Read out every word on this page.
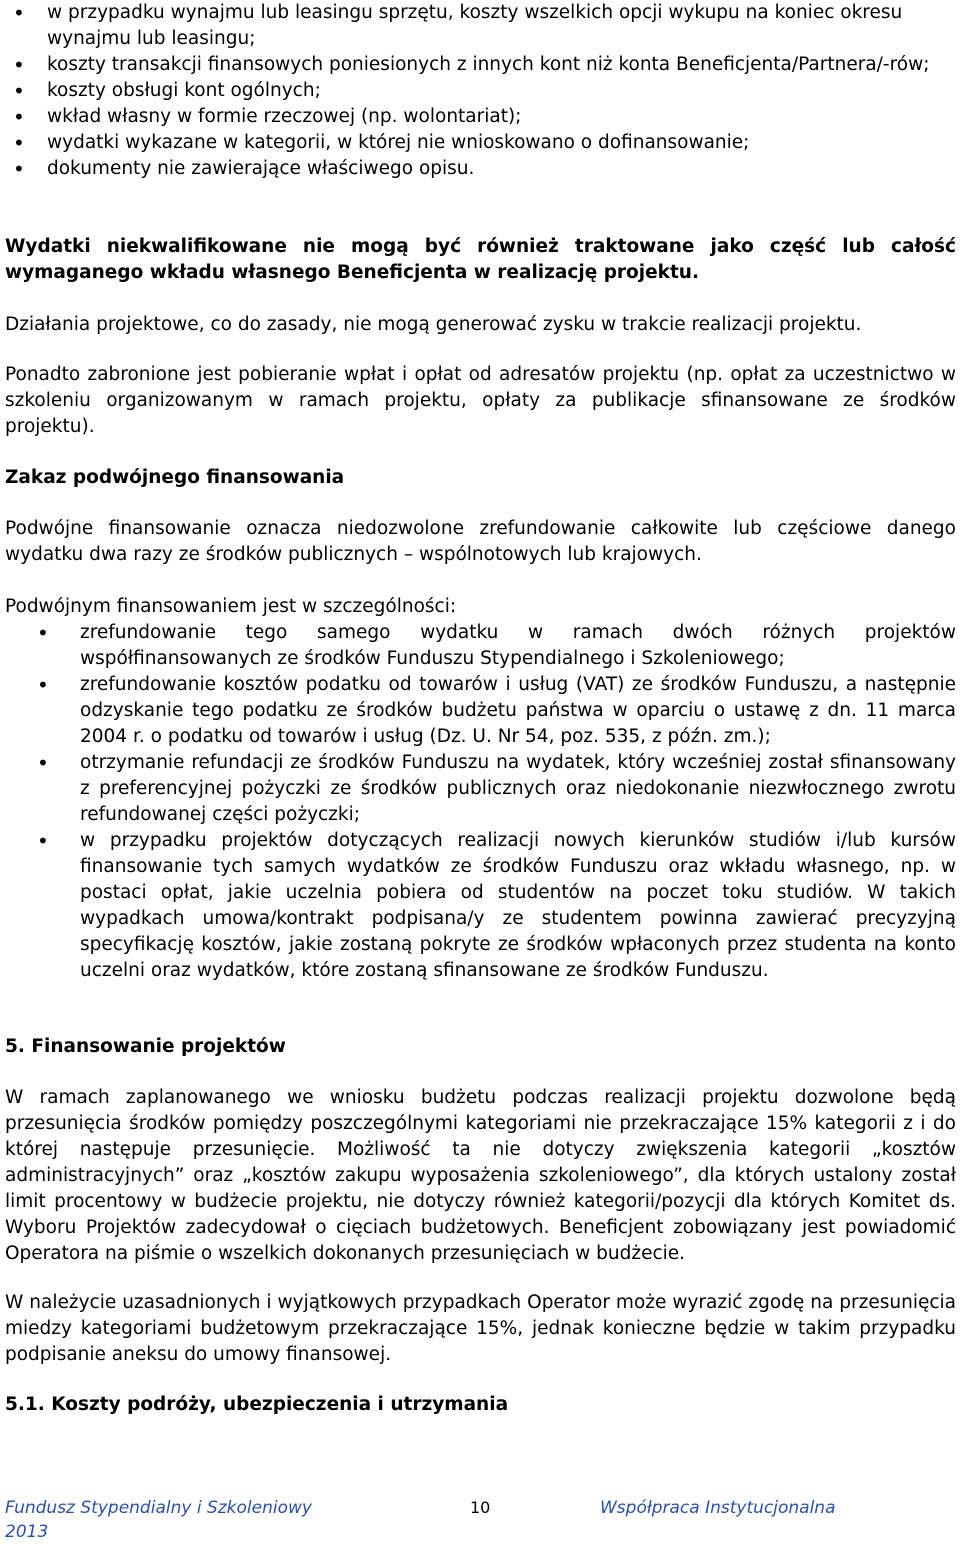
• w przypadku wynajmu lub leasingu sprzętu, koszty wszelkich opcji wykupu na koniec okresu wynajmu lub leasingu;
• koszty transakcji finansowych poniesionych z innych kont niż konta Beneficjenta/Partnera/-rów;
• koszty obsługi kont ogólnych;
• wkład własny w formie rzeczowej (np. wolontariat);
• wydatki wykazane w kategorii, w której nie wnioskowano o dofinansowanie;
• dokumenty nie zawierające właściwego opisu.

Wydatki niekwalifikowane nie mogą być również traktowane jako część lub całość wymaganego wkładu własnego Beneficjenta w realizację projektu.

Działania projektowe, co do zasady, nie mogą generować zysku w trakcie realizacji projektu.

Ponadto zabronione jest pobieranie wpłat i opłat od adresatów projektu (np. opłat za uczestnictwo w szkoleniu organizowanym w ramach projektu, opłaty za publikacje sfinansowane ze środków projektu).

Zakaz podwójnego finansowania

Podwójne finansowanie oznacza niedozwolone zrefundowanie całkowite lub częściowe danego wydatku dwa razy ze środków publicznych – wspólnotowych lub krajowych.

Podwójnym finansowaniem jest w szczególności:

• zrefundowanie tego samego wydatku w ramach dwóch różnych projektów współfinansowanych ze środków Funduszu Stypendialnego i Szkoleniowego;
• zrefundowanie kosztów podatku od towarów i usług (VAT) ze środków Funduszu, a następnie odzyskanie tego podatku ze środków budżetu państwa w oparciu o ustawę z dn. 11 marca 2004 r. o podatku od towarów i usług (Dz. U. Nr 54, poz. 535, z późn. zm.);
• otrzymanie refundacji ze środków Funduszu na wydatek, który wcześniej został sfinansowany z preferencyjnej pożyczki ze środków publicznych oraz niedokonanie niezwłocznego zwrotu refundowanej części pożyczki;
• w przypadku projektów dotyczących realizacji nowych kierunków studiów i/lub kursów finansowanie tych samych wydatków ze środków Funduszu oraz wkładu własnego, np. w postaci opłat, jakie uczelnia pobiera od studentów na poczet toku studiów. W takich wypadkach umowa/kontrakt podpisana/y ze studentem powinna zawierać precyzyjną specyfikację kosztów, jakie zostaną pokryte ze środków wpłaconych przez studenta na konto uczelni oraz wydatków, które zostaną sfinansowane ze środków Funduszu.

5. Finansowanie projektów

W ramach zaplanowanego we wniosku budżetu podczas realizacji projektu dozwolone będą przesunięcia środków pomiędzy poszczególnymi kategoriami nie przekraczające 15% kategorii z i do której następuje przesunięcie. Możliwość ta nie dotyczy zwiększenia kategorii „kosztów administracyjnych” oraz „kosztów zakupu wyposażenia szkoleniowego”, dla których ustalony został limit procentowy w budżecie projektu, nie dotyczy również kategorii/pozycji dla których Komitet ds. Wyboru Projektów zadecydował o cięciach budżetowych. Beneficjent zobowiązany jest powiadomić Operatora na piśmie o wszelkich dokonanych przesunięciach w budżecie.

W należycie uzasadnionych i wyjątkowych przypadkach Operator może wyrazić zgodę na przesunięcia miedzy kategoriami budżetowym przekraczające 15%, jednak konieczne będzie w takim przypadku podpisanie aneksu do umowy finansowej.

5.1. Koszty podróży, ubezpieczenia i utrzymania

Fundusz Stypendialny i Szkoleniowy 2013
10	Współpraca Instytucjonalna
